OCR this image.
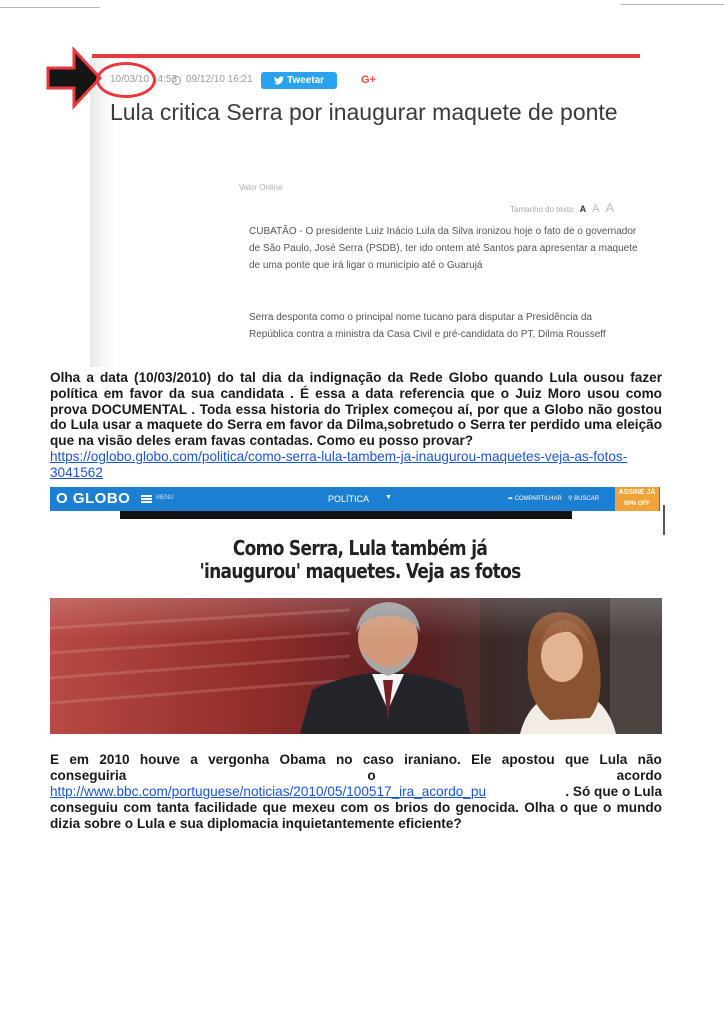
10/03/10 14:53 09/12/10 16:21	Tweetar	G+
Lula critica Serra por inaugurar maquete de ponte
Valor Online
Tamanho do texto A A A

CUBATÃO - O presidente Luiz Inácio Lula da Silva ironizou hoje o fato de o governador de São Paulo, José Serra (PSDB), ter ido ontem até Santos para apresentar a maquete de uma ponte que irá ligar o município até o Guarujá

Serra desponta como o principal nome tucano para disputar a Presidência da República contra a ministra da Casa Civil e pré-candidata do PT, Dilma Rousseff

Olha a data (10/03/2010) do tal dia da indignação da Rede Globo quando Lula ousou fazer política em favor da sua candidata . É essa a data referencia que o Juiz Moro usou como prova DOCUMENTAL . Toda essa historia do Triplex começou aí, por que a Globo não gostou do Lula usar a maquete do Serra em favor da Dilma,sobretudo o Serra ter perdido uma eleição que na visão deles eram favas contadas. Como eu posso provar?
https://oglobo.globo.com/politica/como-serra-lula-tambem-ja-inaugurou-maquetes-veja-as-fotos-3041562
O GLOBO	MENU	POLÍTICA ▼	➦ COMPARTILHAR ⚲ BUSCAR
ASSINE JÁ
80% OFF
Como Serra, Lula também já
'inaugurou' maquetes. Veja as fotos
E em 2010 houve a vergonha Obama no caso iraniano. Ele apostou que Lula não
conseguiria	o	acordo
http://www.bbc.com/portuguese/noticias/2010/05/100517_ira_acordo_pu	. Só que o Lula
conseguiu com tanta facilidade que mexeu com os brios do genocida. Olha o que o mundo dizia sobre o Lula e sua diplomacia inquietantemente eficiente?
